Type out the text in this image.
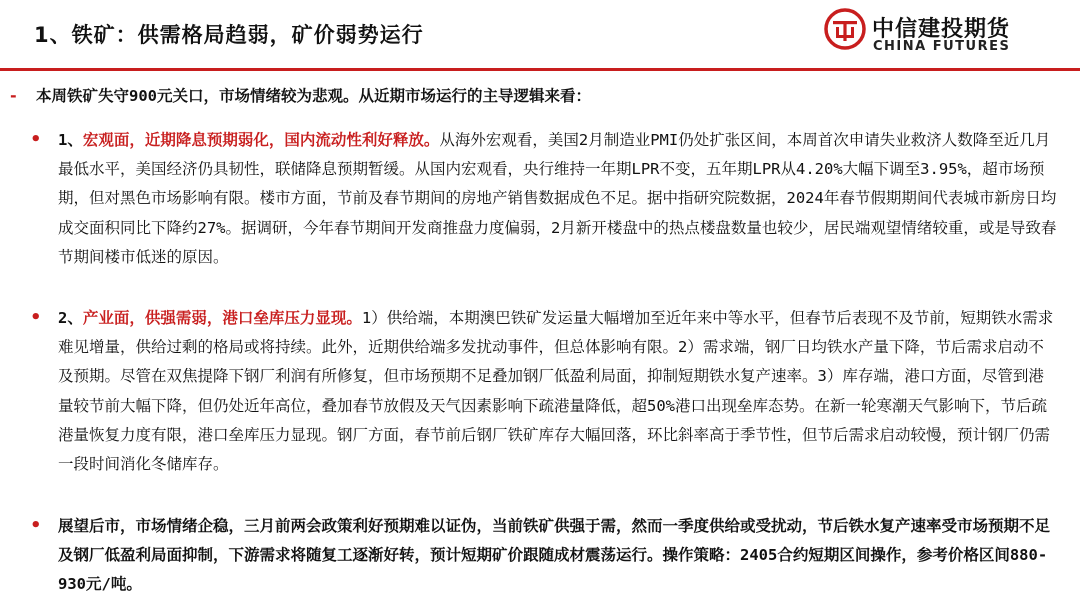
1、铁矿：供需格局趋弱，矿价弱势运行	中信建投期货
CHINA FUTURES
- 本周铁矿失守900元关口，市场情绪较为悲观。从近期市场运行的主导逻辑来看：
• 1、宏观面，近期降息预期弱化，国内流动性利好释放。从海外宏观看，美国2月制造业PMI仍处扩张区间，本周首次申请失业救济人数降至近几月最低水平，美国经济仍具韧性，联储降息预期暂缓。从国内宏观看，央行维持一年期LPR不变，五年期LPR从4.20%大幅下调至3.95%，超市场预期，但对黑色市场影响有限。楼市方面，节前及春节期间的房地产销售数据成色不足。据中指研究院数据，2024年春节假期期间代表城市新房日均成交面积同比下降约27%。据调研，今年春节期间开发商推盘力度偏弱，2月新开楼盘中的热点楼盘数量也较少，居民端观望情绪较重，或是导致春节期间楼市低迷的原因。
• 2、产业面，供强需弱，港口垒库压力显现。1）供给端，本期澳巴铁矿发运量大幅增加至近年来中等水平，但春节后表现不及节前，短期铁水需求难见增量，供给过剩的格局或将持续。此外，近期供给端多发扰动事件，但总体影响有限。2）需求端，钢厂日均铁水产量下降，节后需求启动不及预期。尽管在双焦提降下钢厂利润有所修复，但市场预期不足叠加钢厂低盈利局面，抑制短期铁水复产速率。3）库存端，港口方面，尽管到港量较节前大幅下降，但仍处近年高位，叠加春节放假及天气因素影响下疏港量降低，超50%港口出现垒库态势。在新一轮寒潮天气影响下，节后疏港量恢复力度有限，港口垒库压力显现。钢厂方面，春节前后钢厂铁矿库存大幅回落，环比斜率高于季节性，但节后需求启动较慢，预计钢厂仍需一段时间消化冬储库存。
• 展望后市，市场情绪企稳，三月前两会政策利好预期难以证伪，当前铁矿供强于需，然而一季度供给或受扰动，节后铁水复产速率受市场预期不足及钢厂低盈利局面抑制，下游需求将随复工逐渐好转，预计短期矿价跟随成材震荡运行。操作策略：2405合约短期区间操作，参考价格区间880-930元/吨。
